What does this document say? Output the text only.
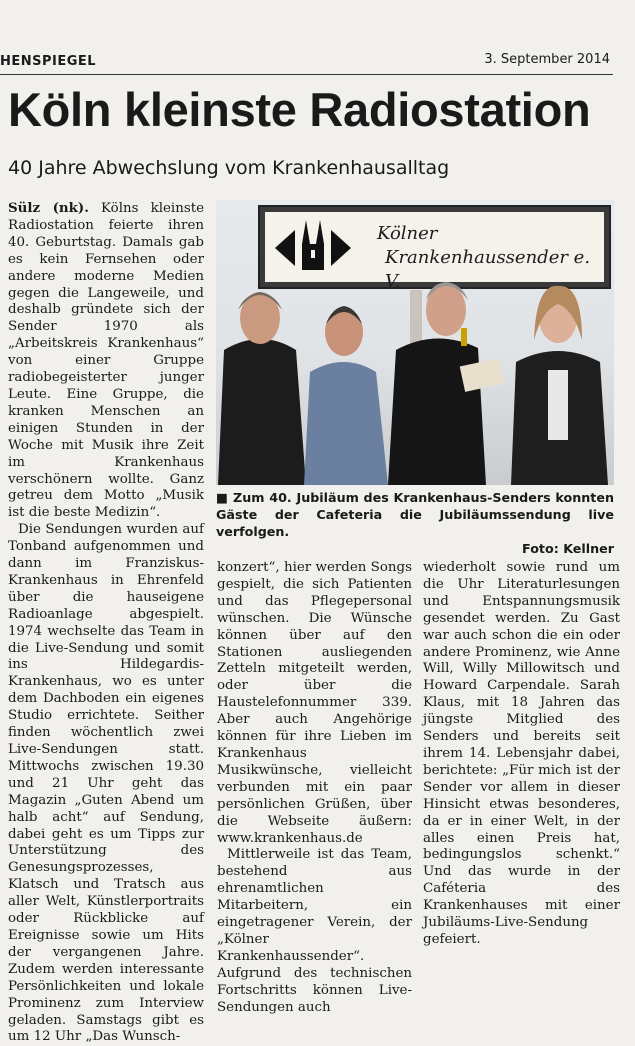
HENSPIEGEL	3. September 2014
Köln kleinste Radiostation
40 Jahre Abwechslung vom Krankenhausalltag

Sülz (nk). Kölns kleinste Radiostation feierte ihren 40. Geburtstag. Damals gab es kein Fernsehen oder andere moderne Medien gegen die Langeweile, und deshalb gründete sich der Sender 1970 als „Arbeitskreis Krankenhaus“ von einer Gruppe radiobegeisterter junger Leute. Eine Gruppe, die kranken Menschen an einigen Stunden in der Woche mit Musik ihre Zeit im Krankenhaus verschönern wollte. Ganz getreu dem Motto „Musik ist die beste Medizin“.

Die Sendungen wurden auf Tonband aufgenommen und dann im Franziskus-Krankenhaus in Ehrenfeld über die hauseigene Radioanlage abgespielt. 1974 wechselte das Team in die Live-Sendung und somit ins Hildegardis-Krankenhaus, wo es unter dem Dachboden ein eigenes Studio errichtete. Seither finden wöchentlich zwei Live-Sendungen statt. Mittwochs zwischen 19.30 und 21 Uhr geht das Magazin „Guten Abend um halb acht“ auf Sendung, dabei geht es um Tipps zur Unterstützung des Genesungsprozesses, Klatsch und Tratsch aus aller Welt, Künstlerportraits oder Rückblicke auf Ereignisse sowie um Hits der vergangenen Jahre. Zudem werden interessante Persönlichkeiten und lokale Prominenz zum Interview geladen. Samstags gibt es um 12 Uhr „Das Wunsch-

Kölner
Krankenhaussender e. V.
■ Zum 40. Jubiläum des Krankenhaus-Senders konnten Gäste der Cafeteria die Jubiläumssendung live verfolgen.
Foto: Kellner

konzert“, hier werden Songs gespielt, die sich Patienten und das Pflegepersonal wünschen. Die Wünsche können über auf den Stationen ausliegenden Zetteln mitgeteilt werden, oder über die Haustelefonnummer 339. Aber auch Angehörige können für ihre Lieben im Krankenhaus Musikwünsche, vielleicht verbunden mit ein paar persönlichen Grüßen, über die Webseite äußern: www.krankenhaus.de

Mittlerweile ist das Team, bestehend aus ehrenamtlichen Mitarbeitern, ein eingetragener Verein, der „Kölner Krankenhaussender“. Aufgrund des technischen Fortschritts können Live-Sendungen auch

wiederholt sowie rund um die Uhr Literaturlesungen und Entspannungsmusik gesendet werden. Zu Gast war auch schon die ein oder andere Prominenz, wie Anne Will, Willy Millowitsch und Howard Carpendale. Sarah Klaus, mit 18 Jahren das jüngste Mitglied des Senders und bereits seit ihrem 14. Lebensjahr dabei, berichtete: „Für mich ist der Sender vor allem in dieser Hinsicht etwas besonderes, da er in einer Welt, in der alles einen Preis hat, bedingungslos schenkt.“ Und das wurde in der Caféteria des Krankenhauses mit einer Jubiläums-Live-Sendung gefeiert.
